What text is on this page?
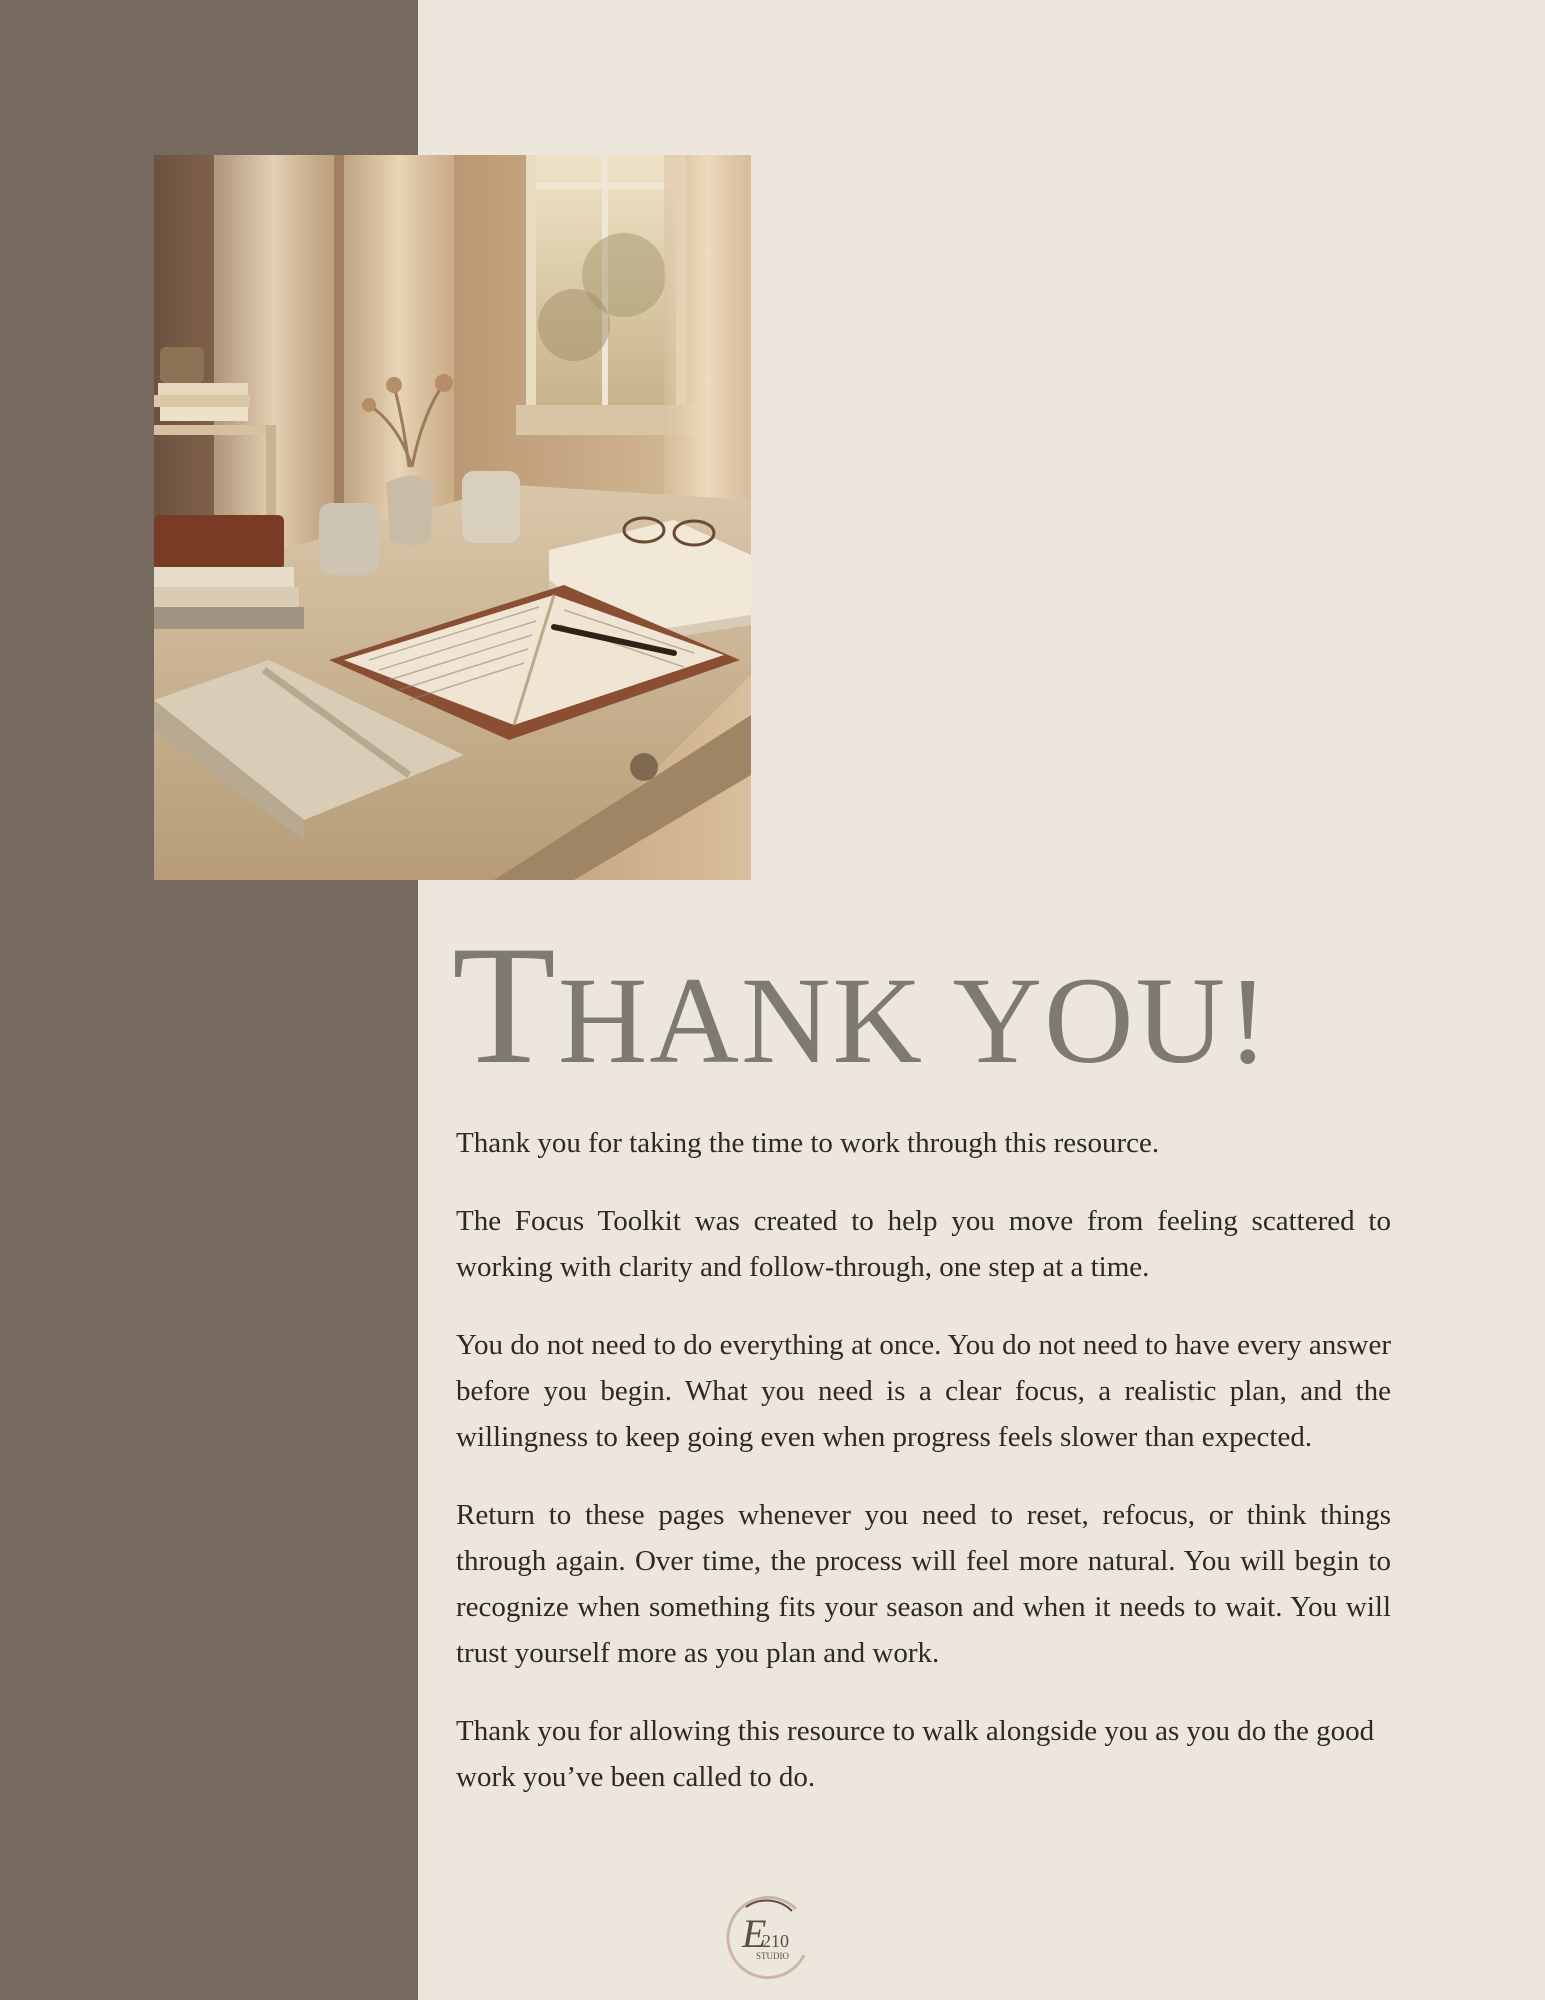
THANK YOU!

Thank you for taking the time to work through this resource.

The Focus Toolkit was created to help you move from feeling scattered to working with clarity and follow-through, one step at a time.

You do not need to do everything at once. You do not need to have every answer before you begin. What you need is a clear focus, a realistic plan, and the willingness to keep going even when progress feels slower than expected.

Return to these pages whenever you need to reset, refocus, or think things through again. Over time, the process will feel more natural. You will begin to recognize when something fits your season and when it needs to wait. You will trust yourself more as you plan and work.

Thank you for allowing this resource to walk alongside you as you do the good work you’ve been called to do.

E
210
STUDIO
